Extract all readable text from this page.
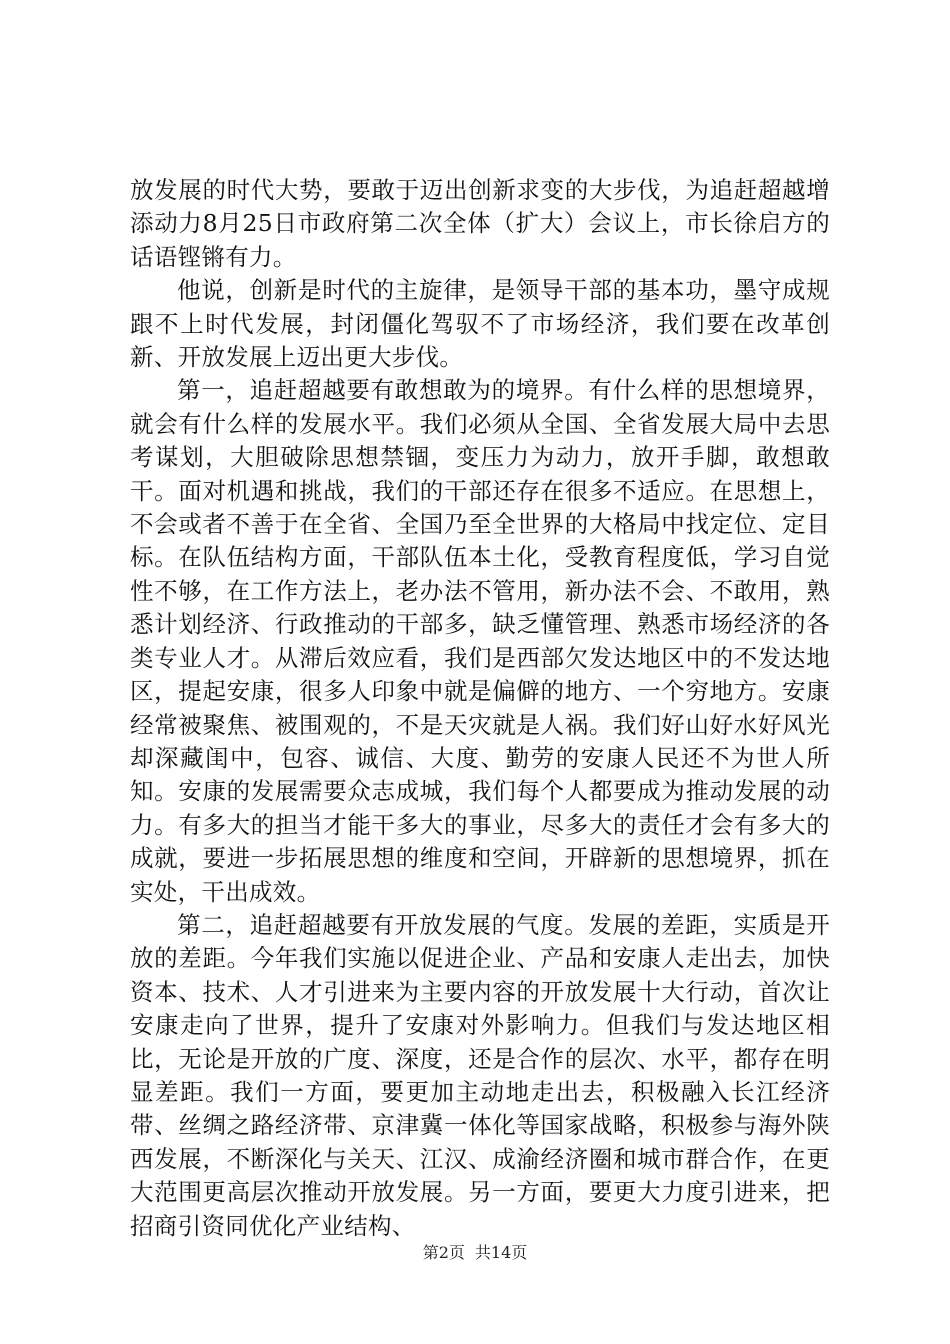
放发展的时代大势，要敢于迈出创新求变的大步伐，为追赶超越增添动力8月25日市政府第二次全体（扩大）会议上，市长徐启方的话语铿锵有力。

他说，创新是时代的主旋律，是领导干部的基本功，墨守成规跟不上时代发展，封闭僵化驾驭不了市场经济，我们要在改革创新、开放发展上迈出更大步伐。

第一，追赶超越要有敢想敢为的境界。有什么样的思想境界，就会有什么样的发展水平。我们必须从全国、全省发展大局中去思考谋划，大胆破除思想禁锢，变压力为动力，放开手脚，敢想敢干。面对机遇和挑战，我们的干部还存在很多不适应。在思想上，不会或者不善于在全省、全国乃至全世界的大格局中找定位、定目标。在队伍结构方面，干部队伍本土化，受教育程度低，学习自觉性不够，在工作方法上，老办法不管用，新办法不会、不敢用，熟悉计划经济、行政推动的干部多，缺乏懂管理、熟悉市场经济的各类专业人才。从滞后效应看，我们是西部欠发达地区中的不发达地区，提起安康，很多人印象中就是偏僻的地方、一个穷地方。安康经常被聚焦、被围观的，不是天灾就是人祸。我们好山好水好风光却深藏闺中，包容、诚信、大度、勤劳的安康人民还不为世人所知。安康的发展需要众志成城，我们每个人都要成为推动发展的动力。有多大的担当才能干多大的事业，尽多大的责任才会有多大的成就，要进一步拓展思想的维度和空间，开辟新的思想境界，抓在实处，干出成效。

第二，追赶超越要有开放发展的气度。发展的差距，实质是开放的差距。今年我们实施以促进企业、产品和安康人走出去，加快资本、技术、人才引进来为主要内容的开放发展十大行动，首次让安康走向了世界，提升了安康对外影响力。但我们与发达地区相比，无论是开放的广度、深度，还是合作的层次、水平，都存在明显差距。我们一方面，要更加主动地走出去，积极融入长江经济带、丝绸之路经济带、京津冀一体化等国家战略，积极参与海外陕西发展，不断深化与关天、江汉、成渝经济圈和城市群合作，在更大范围更高层次推动开放发展。另一方面，要更大力度引进来，把招商引资同优化产业结构、

第2页 共14页
